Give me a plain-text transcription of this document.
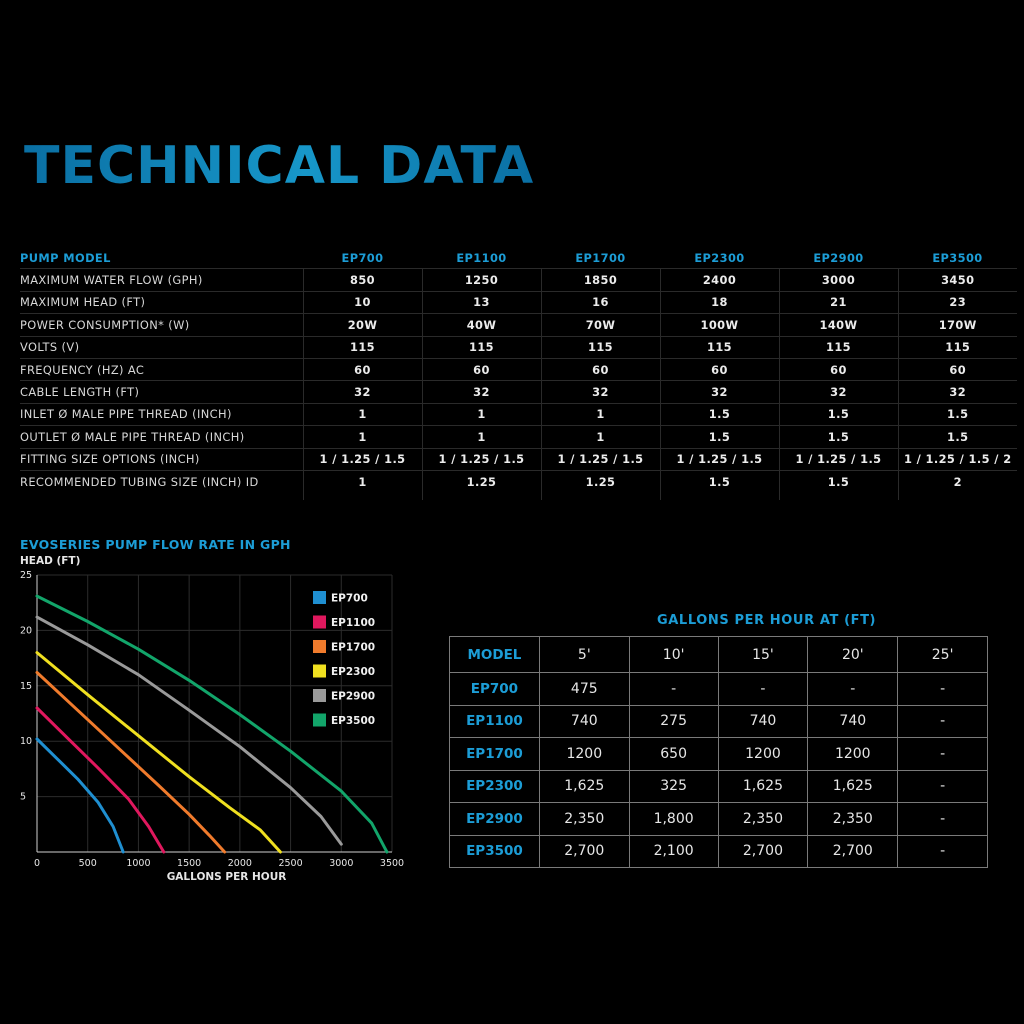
TECHNICAL DATA
PUMP MODEL	EP700	EP1100	EP1700	EP2300	EP2900	EP3500
MAXIMUM WATER FLOW (GPH)	850	1250	1850	2400	3000	3450
MAXIMUM HEAD (FT)	10	13	16	18	21	23
POWER CONSUMPTION* (W)	20W	40W	70W	100W	140W	170W
VOLTS (V)	115	115	115	115	115	115
FREQUENCY (HZ) AC	60	60	60	60	60	60
CABLE LENGTH (FT)	32	32	32	32	32	32
INLET Ø MALE PIPE THREAD (INCH)	1	1	1	1.5	1.5	1.5
OUTLET Ø MALE PIPE THREAD (INCH)	1	1	1	1.5	1.5	1.5
FITTING SIZE OPTIONS (INCH)	1 / 1.25 / 1.5	1 / 1.25 / 1.5	1 / 1.25 / 1.5	1 / 1.25 / 1.5	1 / 1.25 / 1.5	1 / 1.25 / 1.5 / 2
RECOMMENDED TUBING SIZE (INCH) ID	1	1.25	1.25	1.5	1.5	2
EVOSERIES PUMP FLOW RATE IN GPH
0	500	1000	1500	2000	2500	3000	3500
5
10
15
20
25
HEAD (FT)
GALLONS PER HOUR
EP700
EP1100
EP1700
EP2300
EP2900
EP3500
GALLONS PER HOUR AT (FT)
MODEL	5'	10'	15'	20'	25'
EP700	475	-	-	-	-
EP1100	740	275	740	740	-
EP1700	1200	650	1200	1200	-
EP2300	1,625	325	1,625	1,625	-
EP2900	2,350	1,800	2,350	2,350	-
EP3500	2,700	2,100	2,700	2,700	-
